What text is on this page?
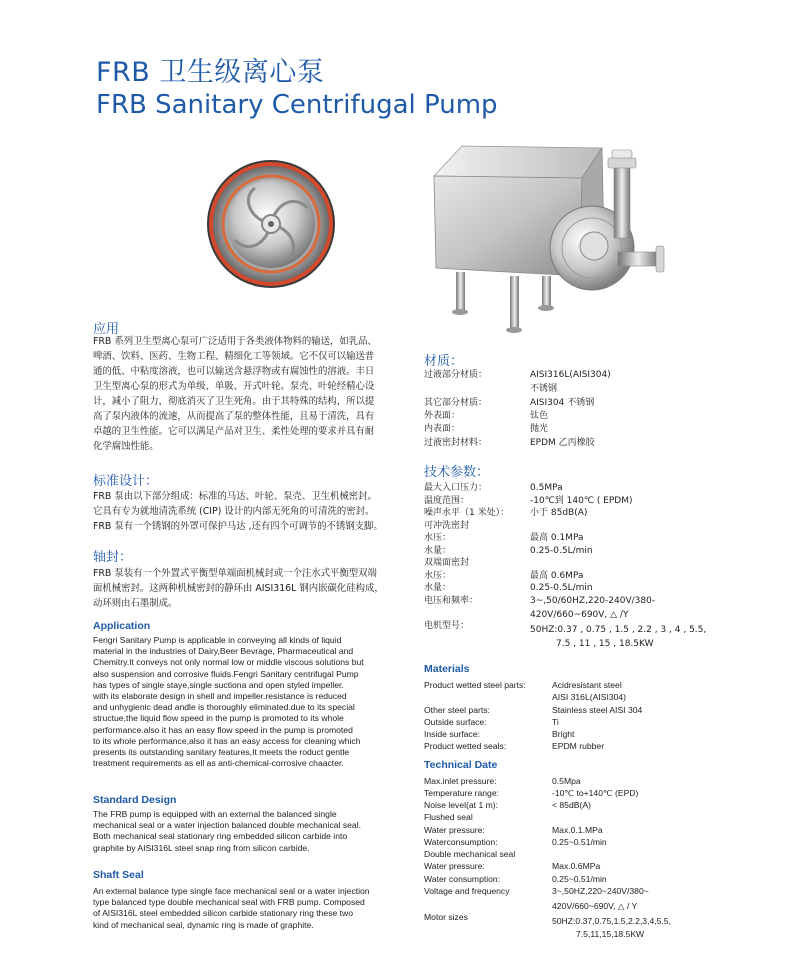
FRB 卫生级离心泵
FRB Sanitary Centrifugal Pump
应用
FRB 系列卫生型离心泵可广泛适用于各类液体物料的输送，如乳品、
啤酒、饮料、医药、生物工程、精细化工等领域。它不仅可以输送普
通的低、中粘度溶液，也可以输送含悬浮物或有腐蚀性的溶液。丰日
卫生型离心泵的形式为单级、单吸、开式叶轮。泵壳、叶轮经精心设
计，减小了阻力，彻底消灭了卫生死角。由于其特殊的结构，所以提
高了泵内液体的流速，从而提高了泵的整体性能，且易于清洗，具有
卓越的卫生性能。它可以满足产品对卫生、柔性处理的要求并具有耐
化学腐蚀性能。
标准设计：
FRB 泵由以下部分组成：标准的马达、叶轮、泵壳、卫生机械密封。
它具有专为就地清洗系统 (CIP) 设计的内部无死角的可清洗的密封。
FRB 泵有一个锈钢的外罩可保护马达 ,还有四个可调节的不锈钢支脚。
轴封：
FRB 泵装有一个外置式平衡型单端面机械封或一个注水式平衡型双端
面机械密封。这两种机械密封的静环由 AISI316L 钢内嵌碳化硅构成，
动环则由石墨制成。
Application
Fengri Sanitary Pump is applicable in conveying all kinds of liquid
material in the industries of Dairy,Beer Bevrage, Pharmaceutical and
Chemitry.It conveys not only normal low or middle viscous solutions but
also suspension and corrosive fluids.Fengri Sanitary centrifugal Pump
has types of single staye,single suctiona and open styled impeller.
with its elaborate design in shell and impeller.resistance is reduced
and unhygienic dead andle is thoroughly eliminated.due to its special
structue,the liquid flow speed in the pump is promoted to its whole
performance.also it has an easy flow speed in the pump is promoted
to its whole performance,also it has an easy access for cleaning which
presents its outstanding sanitary features,It meets the roduct gentle
treatment requirements as ell as anti-chemical-corrosive chaacter.
Standard Design
The FRB pump is equipped with an external the balanced single
mechanical seal or a water injection balanced double mechanical seal.
Both mechanical seal stationary ring embedded silicon carbide into
graphite by AISI316L steel snap ring from silicon carbide.
Shaft Seal
An external balance type single face mechanical seal or a water injection
type balanced type double mechanical seal with FRB pump. Composed
of AISI316L steel embedded silicon carbide stationary ring these two
kind of mechanical seal, dynamic ring is made of graphite.
材质：
过液部分材质：	AISI316L(AISI304)
不锈钢
其它部分材质：	AISI304 不锈钢
外表面：	钛色
内表面：	抛光
过液密封材料：	EPDM 乙丙橡胶
技术参数：
最大入口压力：	0.5MPa
温度范围：	-10℃到 140℃ ( EPDM)
噪声水平（1 米处）： 小于 85dB(A)
可冲洗密封
水压：	最高 0.1MPa
水量：	0.25-0.5L/min
双端面密封
水压：	最高 0.6MPa
水量：	0.25-0.5L/min
电压和频率：	3~,50/60HZ,220-240V/380-
420V/660~690V, △ /Y
电机型号：	50HZ:0.37 , 0.75 , 1.5 , 2.2 , 3 , 4 , 5.5,
7.5 , 11 , 15 , 18.5KW
Materials
Product wetted steel parts:	Acidresistant steel
AISI 316L(AISI304)
Other steel parts:	Stainless steel AISI 304
Outside surface:	Ti
Inside surface:	Bright
Product wetted seals:	EPDM rubber
Technical Date
Max.inlet pressure:	0.5Mpa
Temperature range:	-10℃ to+140℃ (EPD)
Noise level(at 1 m):	< 85dB(A)
Flushed seal
Water pressure:	Max.0.1.MPa
Waterconsumption:	0.25~0.51/min
Double mechanical seal
Water pressure:	Max.0.6MPa
Water consumption:	0.25~0.51/min
Voltage and frequency	3~,50HZ,220~240V/380~
420V/660~690V, △ / Y
Motor sizes	50HZ:0.37,0.75,1.5,2.2,3,4,5.5,
7.5,11,15,18.5KW
